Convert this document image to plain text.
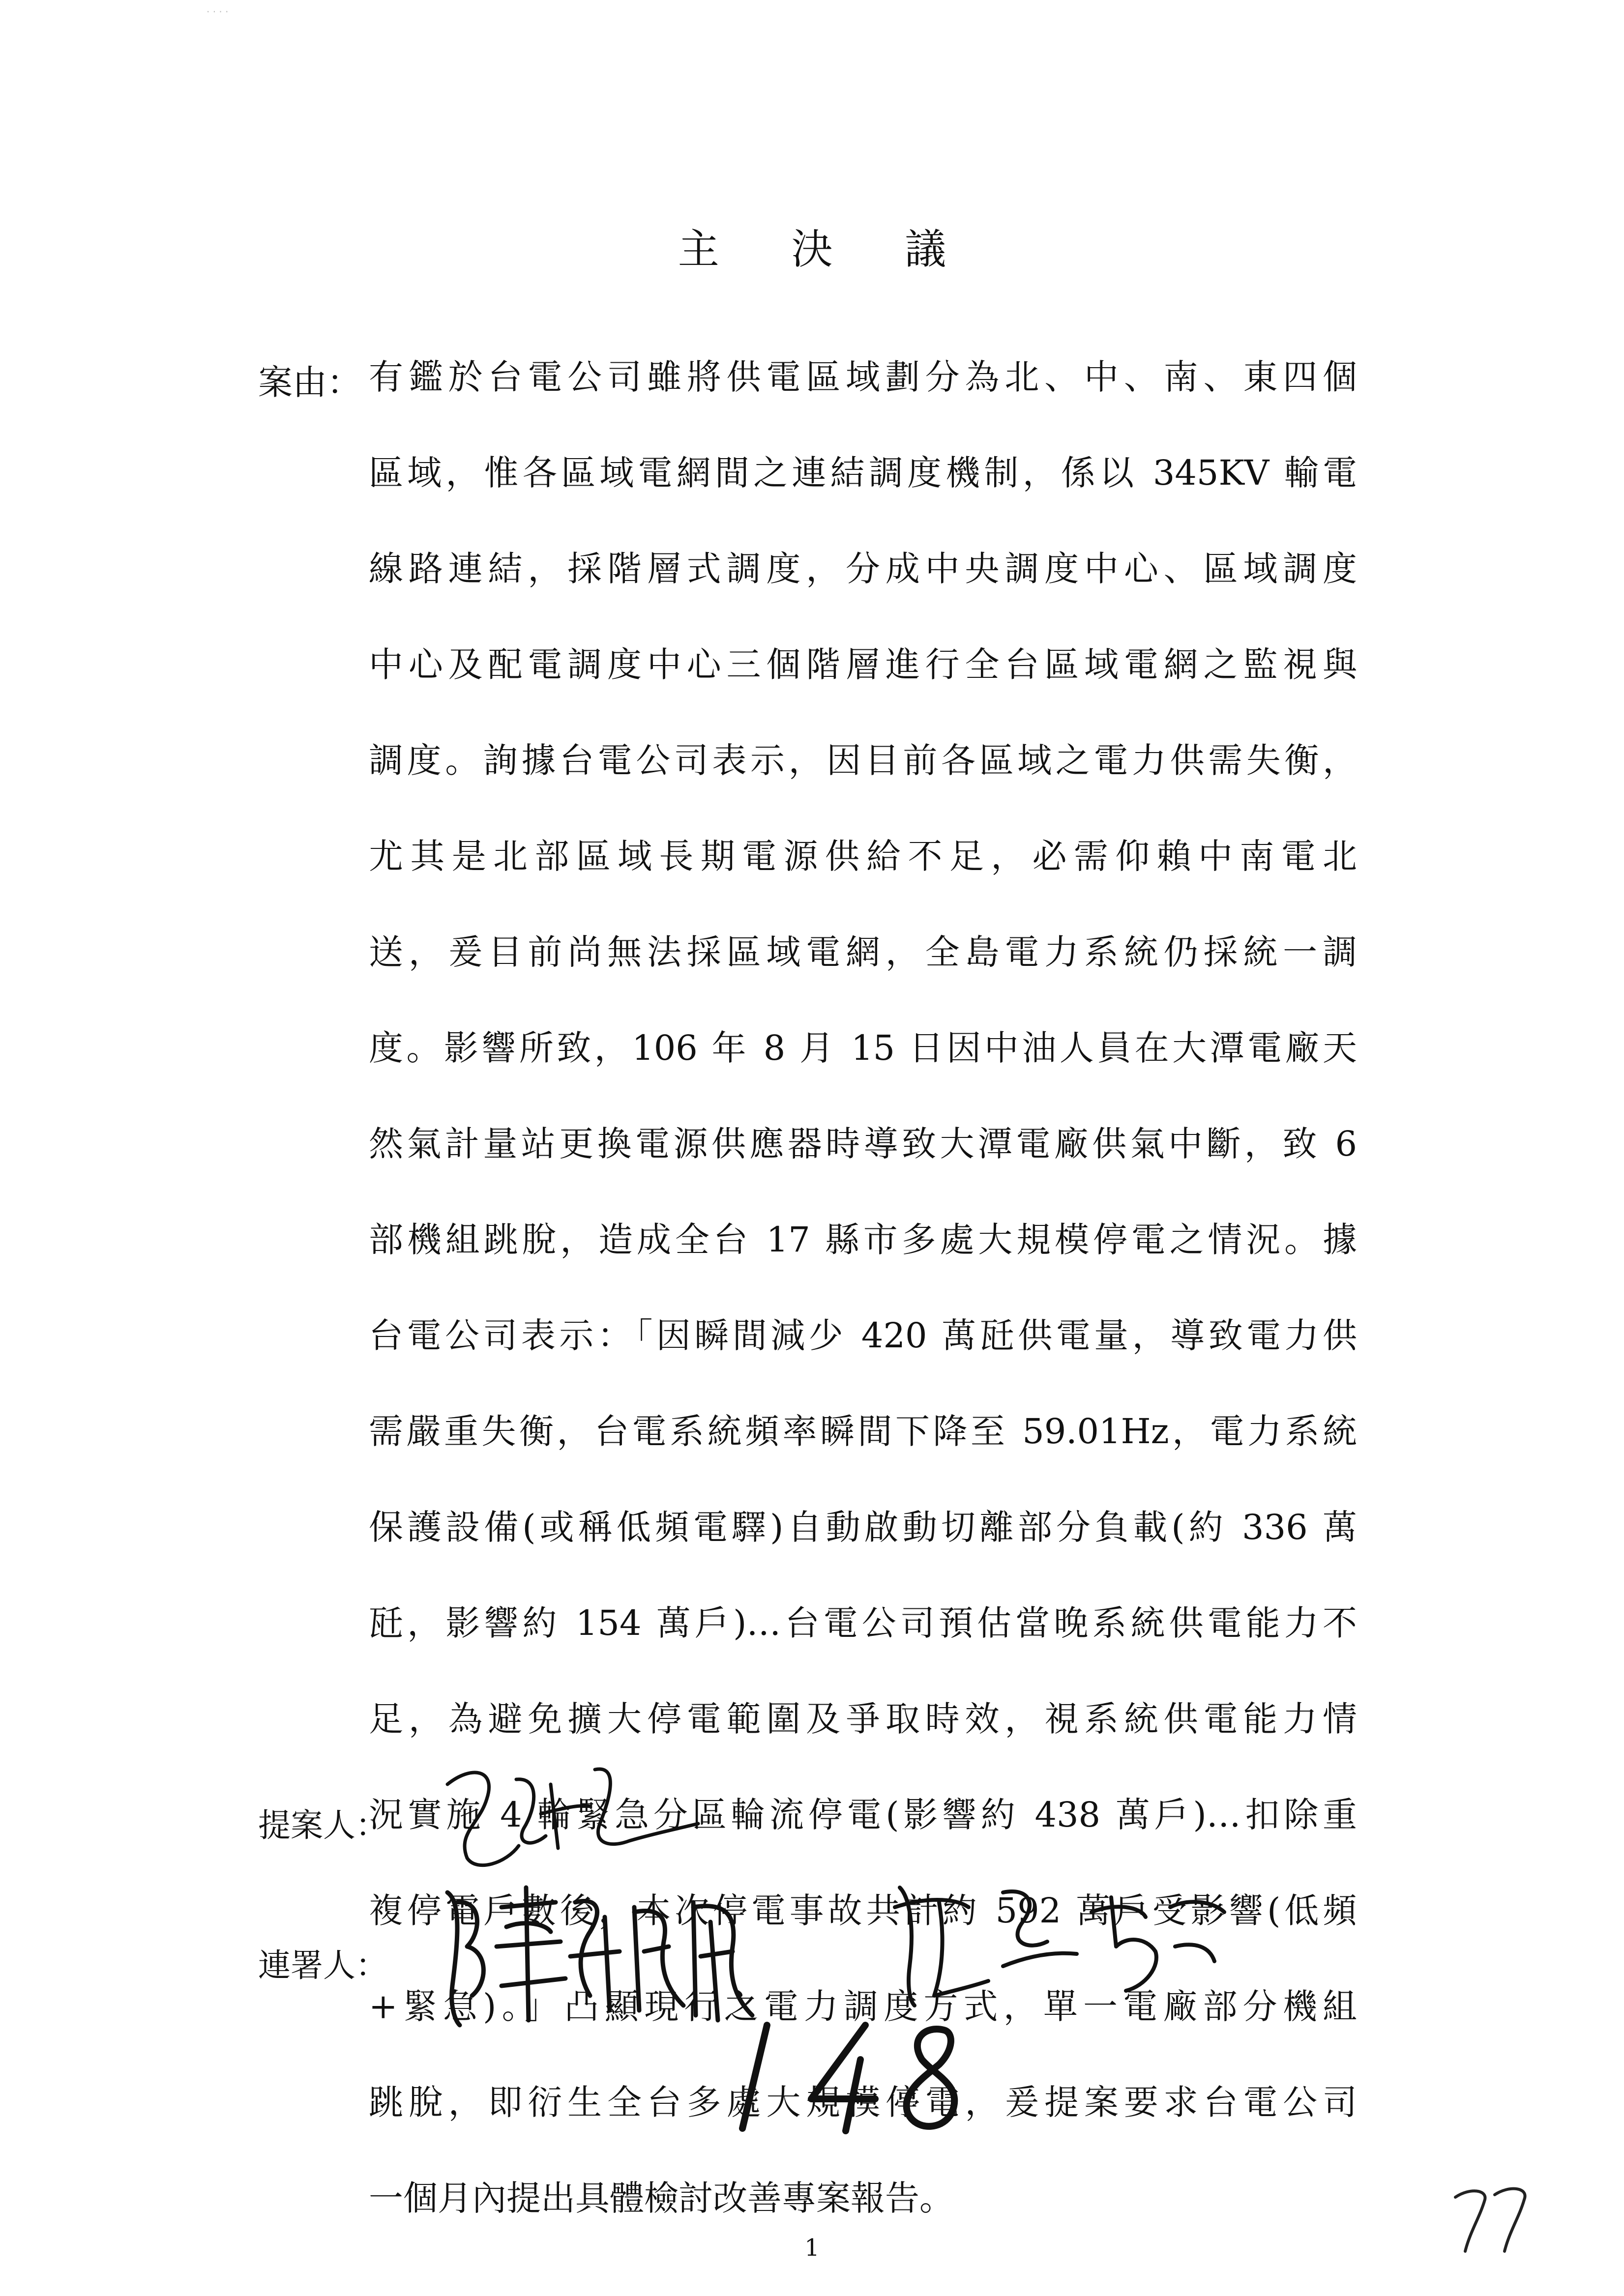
· · · ·
主 決 議
案由： 有鑑於台電公司雖將供電區域劃分為北、中、南、東四個
區域，惟各區域電網間之連結調度機制，係以 345KV 輸電
線路連結，採階層式調度，分成中央調度中心、區域調度
中心及配電調度中心三個階層進行全台區域電網之監視與
調度。詢據台電公司表示，因目前各區域之電力供需失衡，
尤其是北部區域長期電源供給不足，必需仰賴中南電北
送，爰目前尚無法採區域電網，全島電力系統仍採統一調
度。影響所致，106 年 8 月 15 日因中油人員在大潭電廠天
然氣計量站更換電源供應器時導致大潭電廠供氣中斷，致 6
部機組跳脫，造成全台 17 縣市多處大規模停電之情況。據
台電公司表示：「因瞬間減少 420 萬瓩供電量，導致電力供
需嚴重失衡，台電系統頻率瞬間下降至 59.01Hz，電力系統
保護設備(或稱低頻電驛)自動啟動切離部分負載(約 336 萬
瓩，影響約 154 萬戶)…台電公司預估當晚系統供電能力不
足，為避免擴大停電範圍及爭取時效，視系統供電能力情
況實施 4 輪緊急分區輪流停電(影響約 438 萬戶)…扣除重
複停電戶數後，本次停電事故共計約 592 萬戶受影響(低頻
+緊急)。」凸顯現行之電力調度方式，單一電廠部分機組
跳脫，即衍生全台多處大規模停電，爰提案要求台電公司
一個月內提出具體檢討改善專案報告。
提案人：
連署人：
1
